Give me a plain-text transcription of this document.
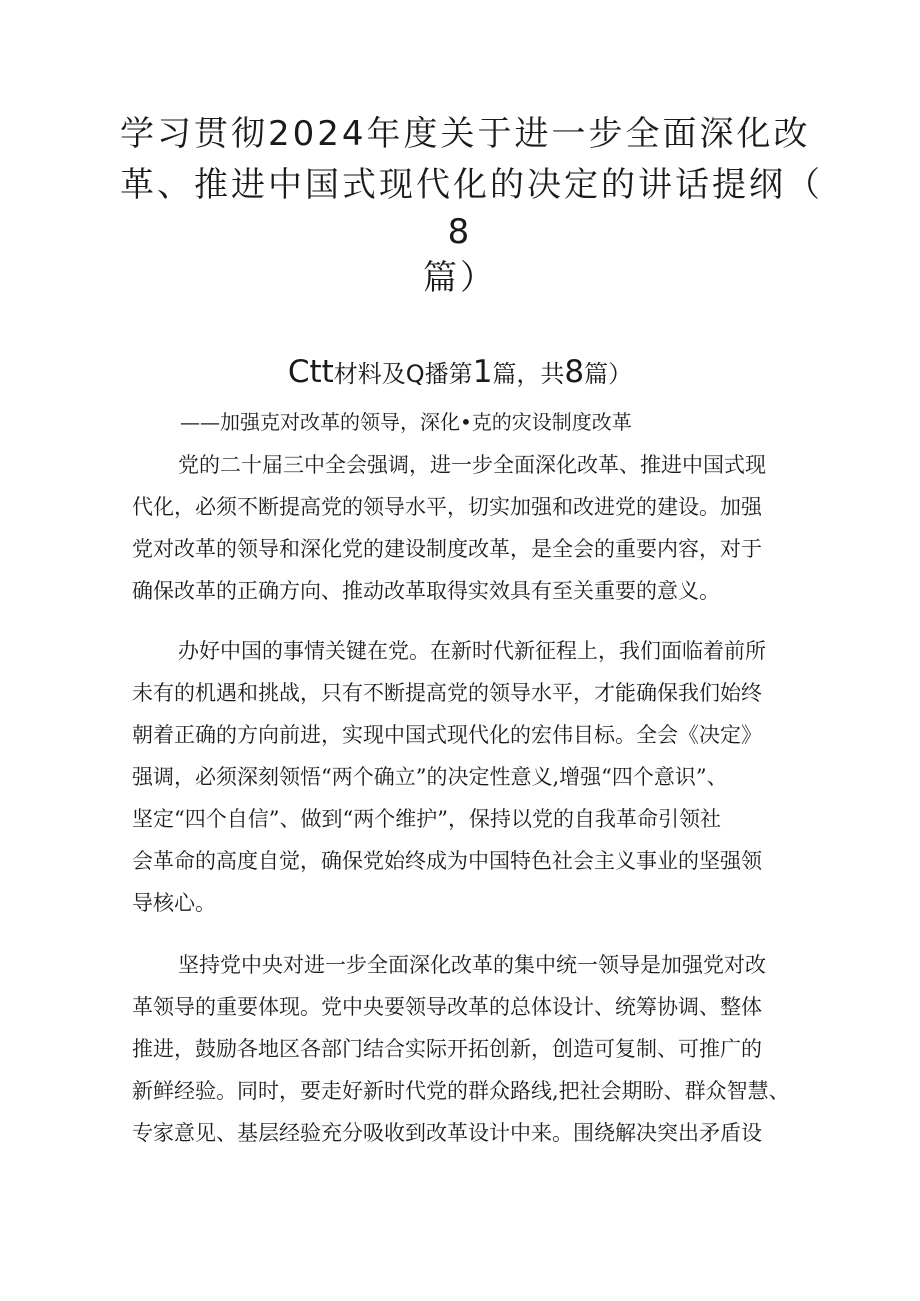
学习贯彻2024年度关于进一步全面深化改
革、推进中国式现代化的决定的讲话提纲（
8
篇）
Ctt材料及Q播第1篇，共8篇）
——加强克对改革的领导，深化•克的灾设制度改革
党的二十届三中全会强调，进一步全面深化改革、推进中国式现
代化，必须不断提高党的领导水平，切实加强和改进党的建设。加强
党对改革的领导和深化党的建设制度改革，是全会的重要内容，对于
确保改革的正确方向、推动改革取得实效具有至关重要的意义。
办好中国的事情关键在党。在新时代新征程上，我们面临着前所
未有的机遇和挑战，只有不断提高党的领导水平，才能确保我们始终
朝着正确的方向前进，实现中国式现代化的宏伟目标。全会《决定》
强调，必须深刻领悟“两个确立”的决定性意义,增强“四个意识”、
坚定“四个自信”、做到“两个维护”，保持以党的自我革命引领社
会革命的高度自觉，确保党始终成为中国特色社会主义事业的坚强领
导核心。
坚持党中央对进一步全面深化改革的集中统一领导是加强党对改
革领导的重要体现。党中央要领导改革的总体设计、统筹协调、整体
推进，鼓励各地区各部门结合实际开拓创新，创造可复制、可推广的
新鲜经验。同时，要走好新时代党的群众路线,把社会期盼、群众智慧、
专家意见、基层经验充分吸收到改革设计中来。围绕解决突出矛盾设
